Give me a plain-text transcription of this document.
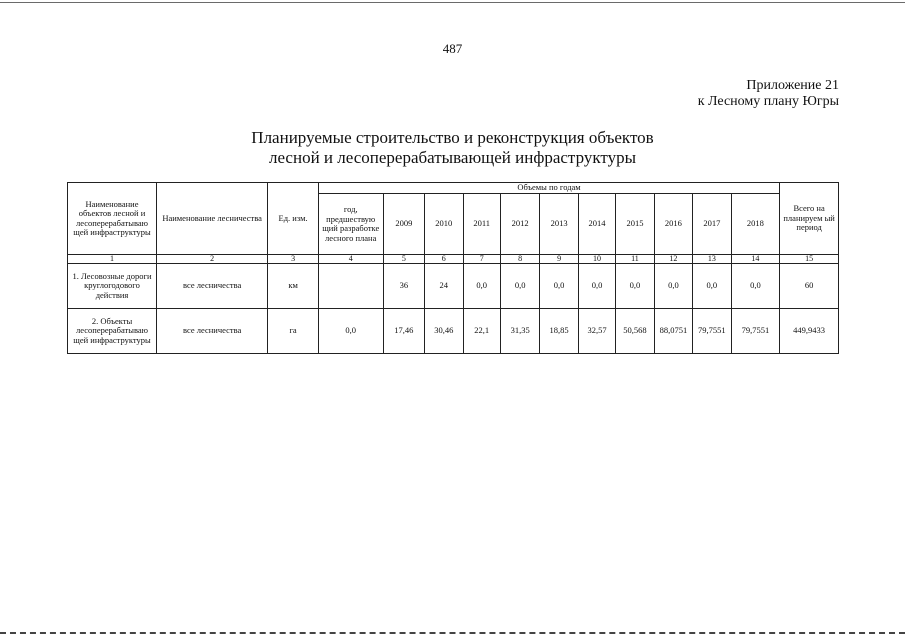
487
Приложение 21
к Лесному плану Югры
Планируемые строительство и реконструкция объектов
лесной и лесоперерабатывающей инфраструктуры
Наименование объектов лесной и лесоперерабатываю щей инфраструктуры	Наименование лесничества	Ед. изм.	Объемы по годам											Всего на планируем ый период
			год, предшествую щий разработке лесного плана	2009	2010	2011	2012	2013	2014	2015	2016	2017	2018	
1	2	3	4	5	6	7	8	9	10	11	12	13	14	15
1. Лесовозные дороги круглогодового действия	все лесничества	км		36	24	0,0	0,0	0,0	0,0	0,0	0,0	0,0	0,0	60
2. Объекты лесоперерабатываю щей инфраструктуры	все лесничества	га	0,0	17,46	30,46	22,1	31,35	18,85	32,57	50,568	88,0751	79,7551	79,7551	449,9433
